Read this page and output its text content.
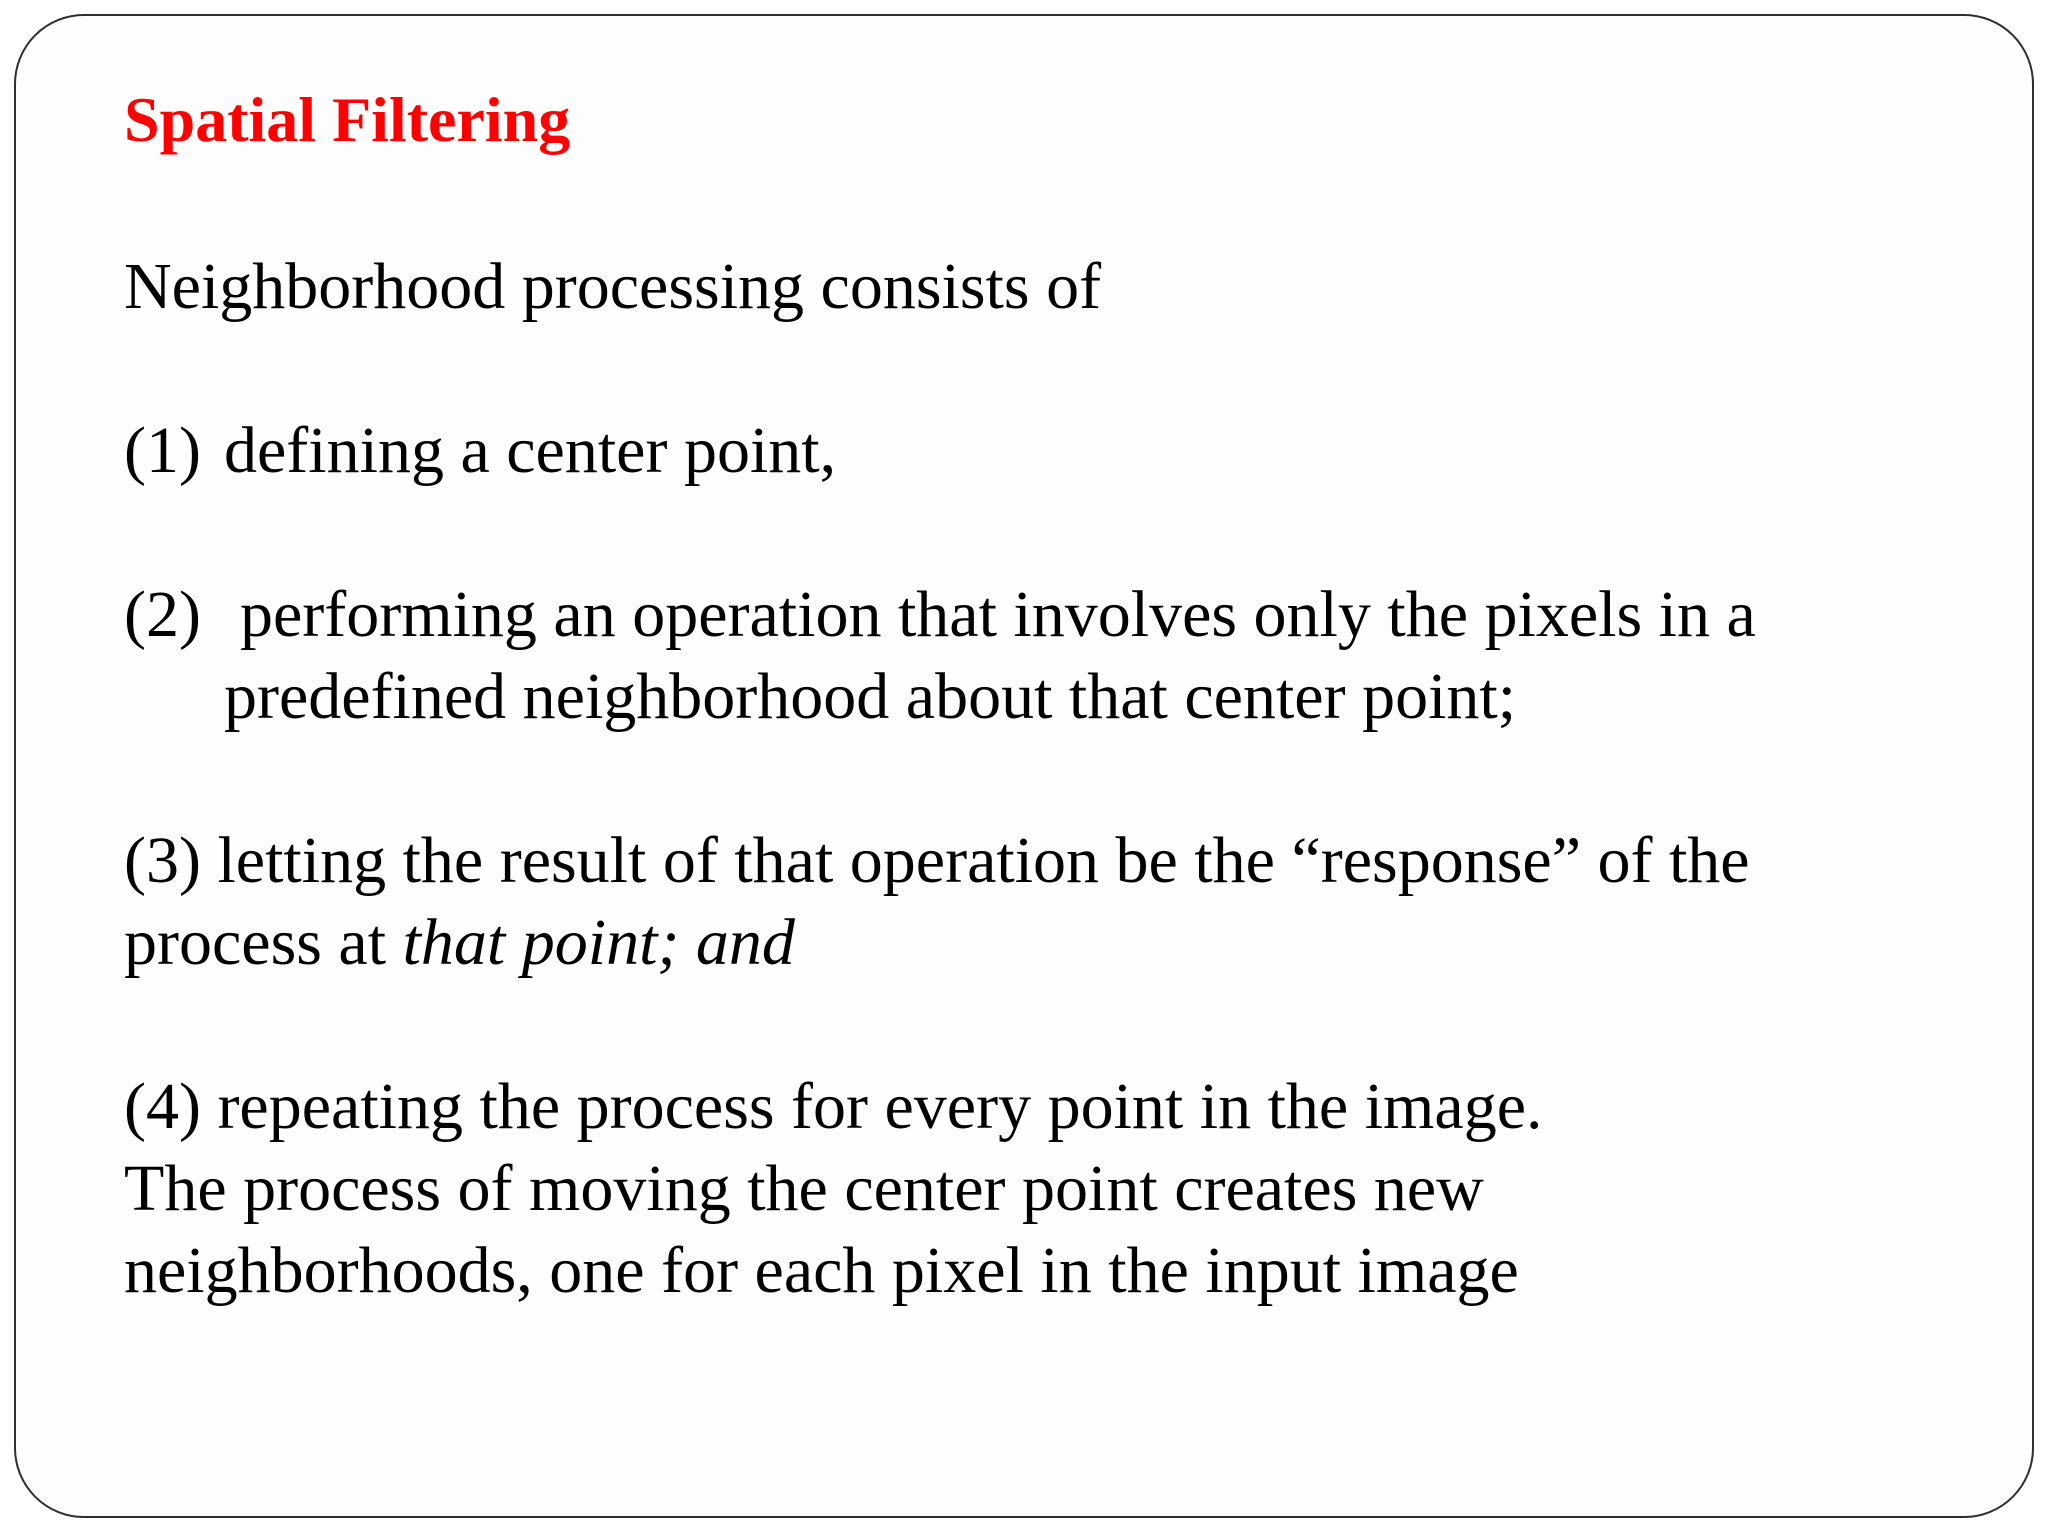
Spatial Filtering
Neighborhood processing consists of
(1) defining a center point,
(2) performing an operation that involves only the pixels in a
predefined neighborhood about that center point;
(3) letting the result of that operation be the “response” of the
process at that point; and
(4) repeating the process for every point in the image.
The process of moving the center point creates new
neighborhoods, one for each pixel in the input image
